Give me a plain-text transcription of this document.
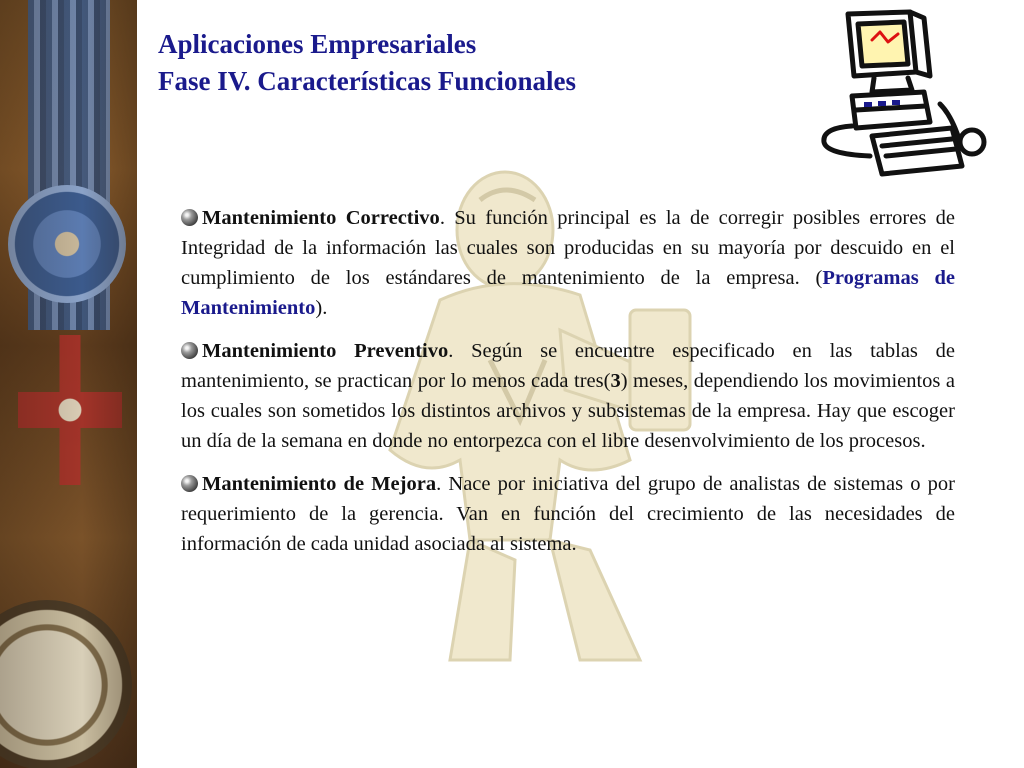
Aplicaciones Empresariales
Fase IV. Características Funcionales

Mantenimiento Correctivo. Su función principal es la de corregir posibles errores de Integridad de la información las cuales son producidas en su mayoría por descuido en el cumplimiento de los estándares de mantenimiento de la empresa. (Programas de Mantenimiento).

Mantenimiento Preventivo. Según se encuentre especificado en las tablas de mantenimiento, se practican por lo menos cada tres(3) meses, dependiendo los movimientos a los cuales son sometidos los distintos archivos y subsistemas de la empresa. Hay que escoger un día de la semana en donde no entorpezca con el libre desenvolvimiento de los procesos.

Mantenimiento de Mejora. Nace por iniciativa del grupo de analistas de sistemas o por requerimiento de la gerencia. Van en función del crecimiento de las necesidades de información de cada unidad asociada al sistema.
